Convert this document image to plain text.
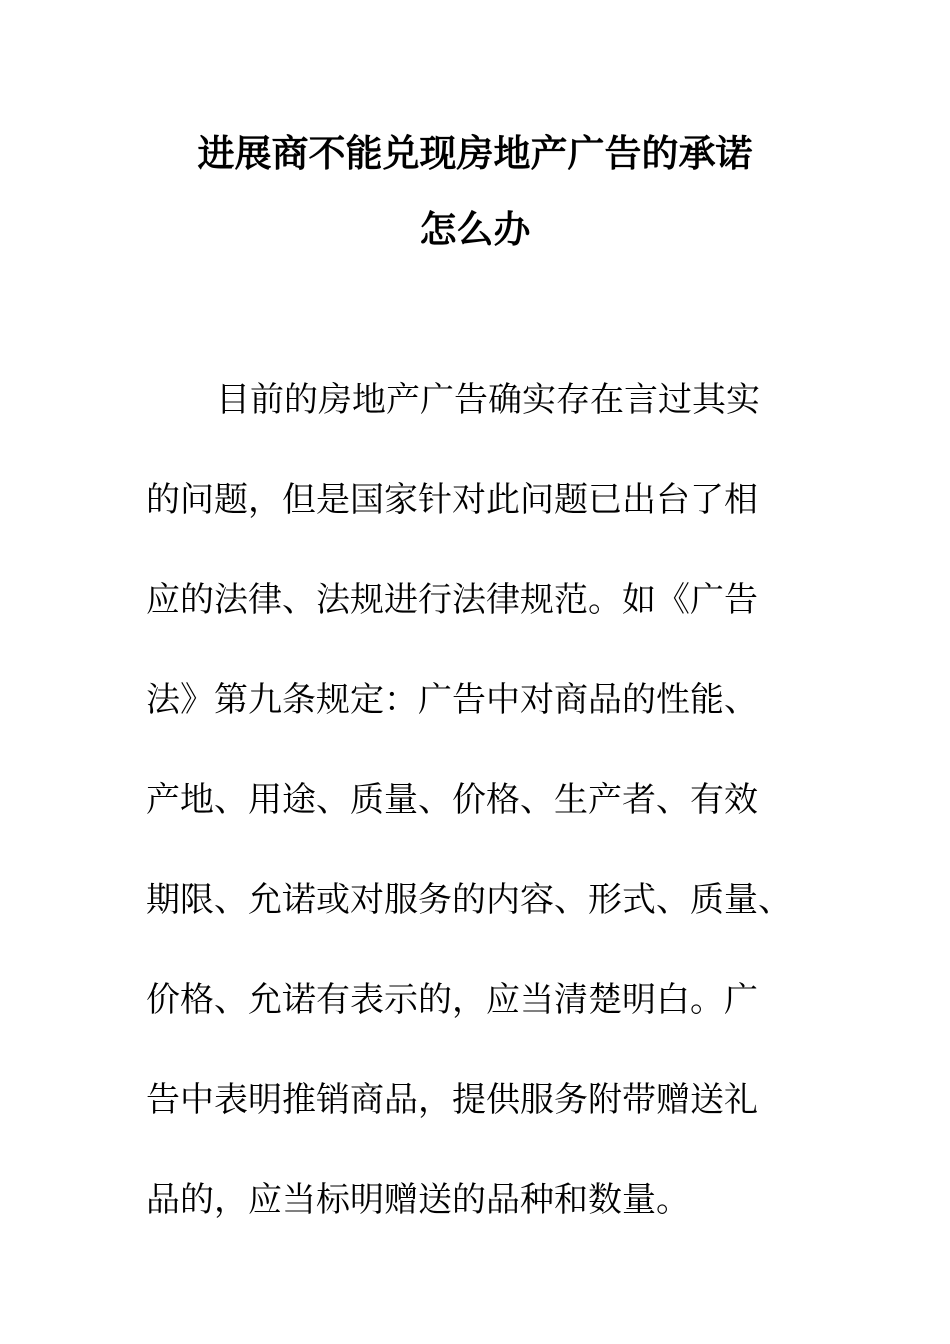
进展商不能兑现房地产广告的承诺
怎么办

目前的房地产广告确实存在言过其实

的问题，但是国家针对此问题已出台了相

应的法律、法规进行法律规范。如《广告

法》第九条规定：广告中对商品的性能、

产地、用途、质量、价格、生产者、有效

期限、允诺或对服务的内容、形式、质量、

价格、允诺有表示的，应当清楚明白。广

告中表明推销商品，提供服务附带赠送礼

品的，应当标明赠送的品种和数量。
